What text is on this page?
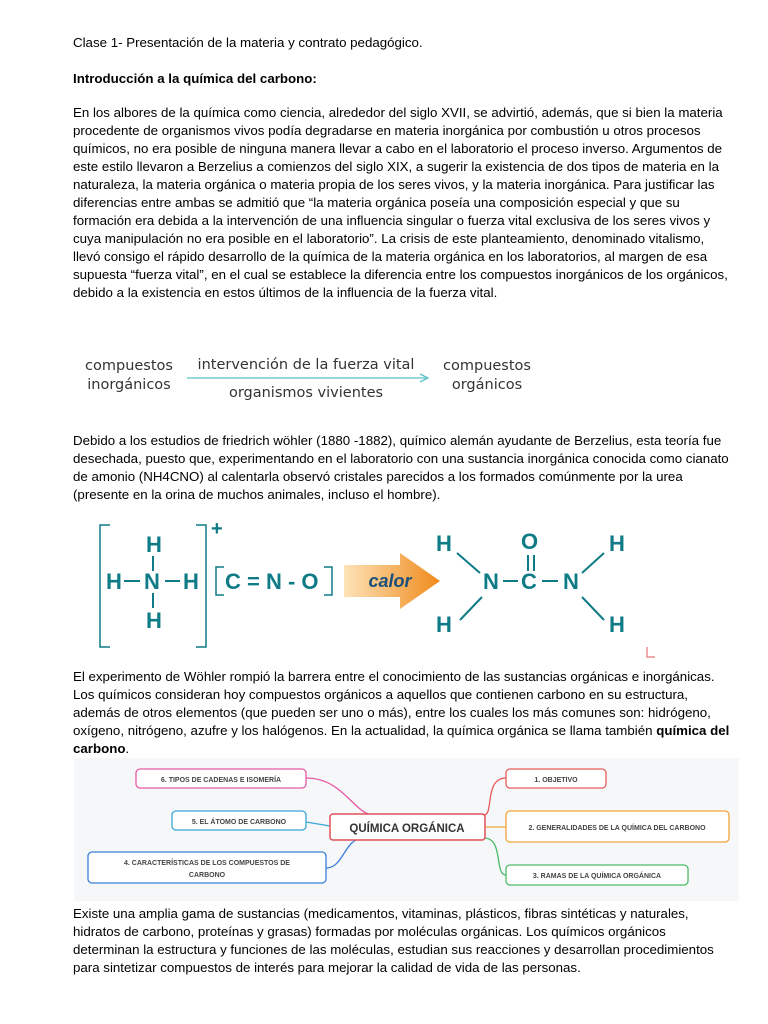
Clase 1- Presentación de la materia y contrato pedagógico.
Introducción a la química del carbono:
En los albores de la química como ciencia, alrededor del siglo XVII, se advirtió, además, que si bien la materia procedente de organismos vivos podía degradarse en materia inorgánica por combustión u otros procesos químicos, no era posible de ninguna manera llevar a cabo en el laboratorio el proceso inverso. Argumentos de este estilo llevaron a Berzelius a comienzos del siglo XIX, a sugerir la existencia de dos tipos de materia en la naturaleza, la materia orgánica o materia propia de los seres vivos, y la materia inorgánica. Para justificar las diferencias entre ambas se admitió que “la materia orgánica poseía una composición especial y que su formación era debida a la intervención de una influencia singular o fuerza vital exclusiva de los seres vivos y cuya manipulación no era posible en el laboratorio”. La crisis de este planteamiento, denominado vitalismo, llevó consigo el rápido desarrollo de la química de la materia orgánica en los laboratorios, al margen de esa supuesta “fuerza vital”, en el cual se establece la diferencia entre los compuestos inorgánicos de los orgánicos, debido a la existencia en estos últimos de la influencia de la fuerza vital.
compuestos
inorgánicos
intervención de la fuerza vital
organismos vivientes
compuestos
orgánicos
Debido a los estudios de friedrich wöhler (1880 -1882), químico alemán ayudante de Berzelius, esta teoría fue desechada, puesto que, experimentando en el laboratorio con una sustancia inorgánica conocida como cianato de amonio (NH4CNO) al calentarla observó cristales parecidos a los formados comúnmente por la urea (presente en la orina de muchos animales, incluso el hombre).
+
H
H N H
H
C = N - O	calor
H
N
H
O
C N
H
H
El experimento de Wöhler rompió la barrera entre el conocimiento de las sustancias orgánicas e inorgánicas. Los químicos consideran hoy compuestos orgánicos a aquellos que contienen carbono en su estructura, además de otros elementos (que pueden ser uno o más), entre los cuales los más comunes son: hidrógeno, oxígeno, nitrógeno, azufre y los halógenos. En la actualidad, la química orgánica se llama también química del carbono.
QUÍMICA ORGÁNICA
6. TIPOS DE CADENAS E ISOMERÍA
5. EL ÁTOMO DE CARBONO
4. CARACTERÍSTICAS DE LOS COMPUESTOS DE
CARBONO
1. OBJETIVO
2. GENERALIDADES DE LA QUÍMICA DEL CARBONO
3. RAMAS DE LA QUÍMICA ORGÁNICA
Existe una amplia gama de sustancias (medicamentos, vitaminas, plásticos, fibras sintéticas y naturales, hidratos de carbono, proteínas y grasas) formadas por moléculas orgánicas. Los químicos orgánicos determinan la estructura y funciones de las moléculas, estudian sus reacciones y desarrollan procedimientos para sintetizar compuestos de interés para mejorar la calidad de vida de las personas.
